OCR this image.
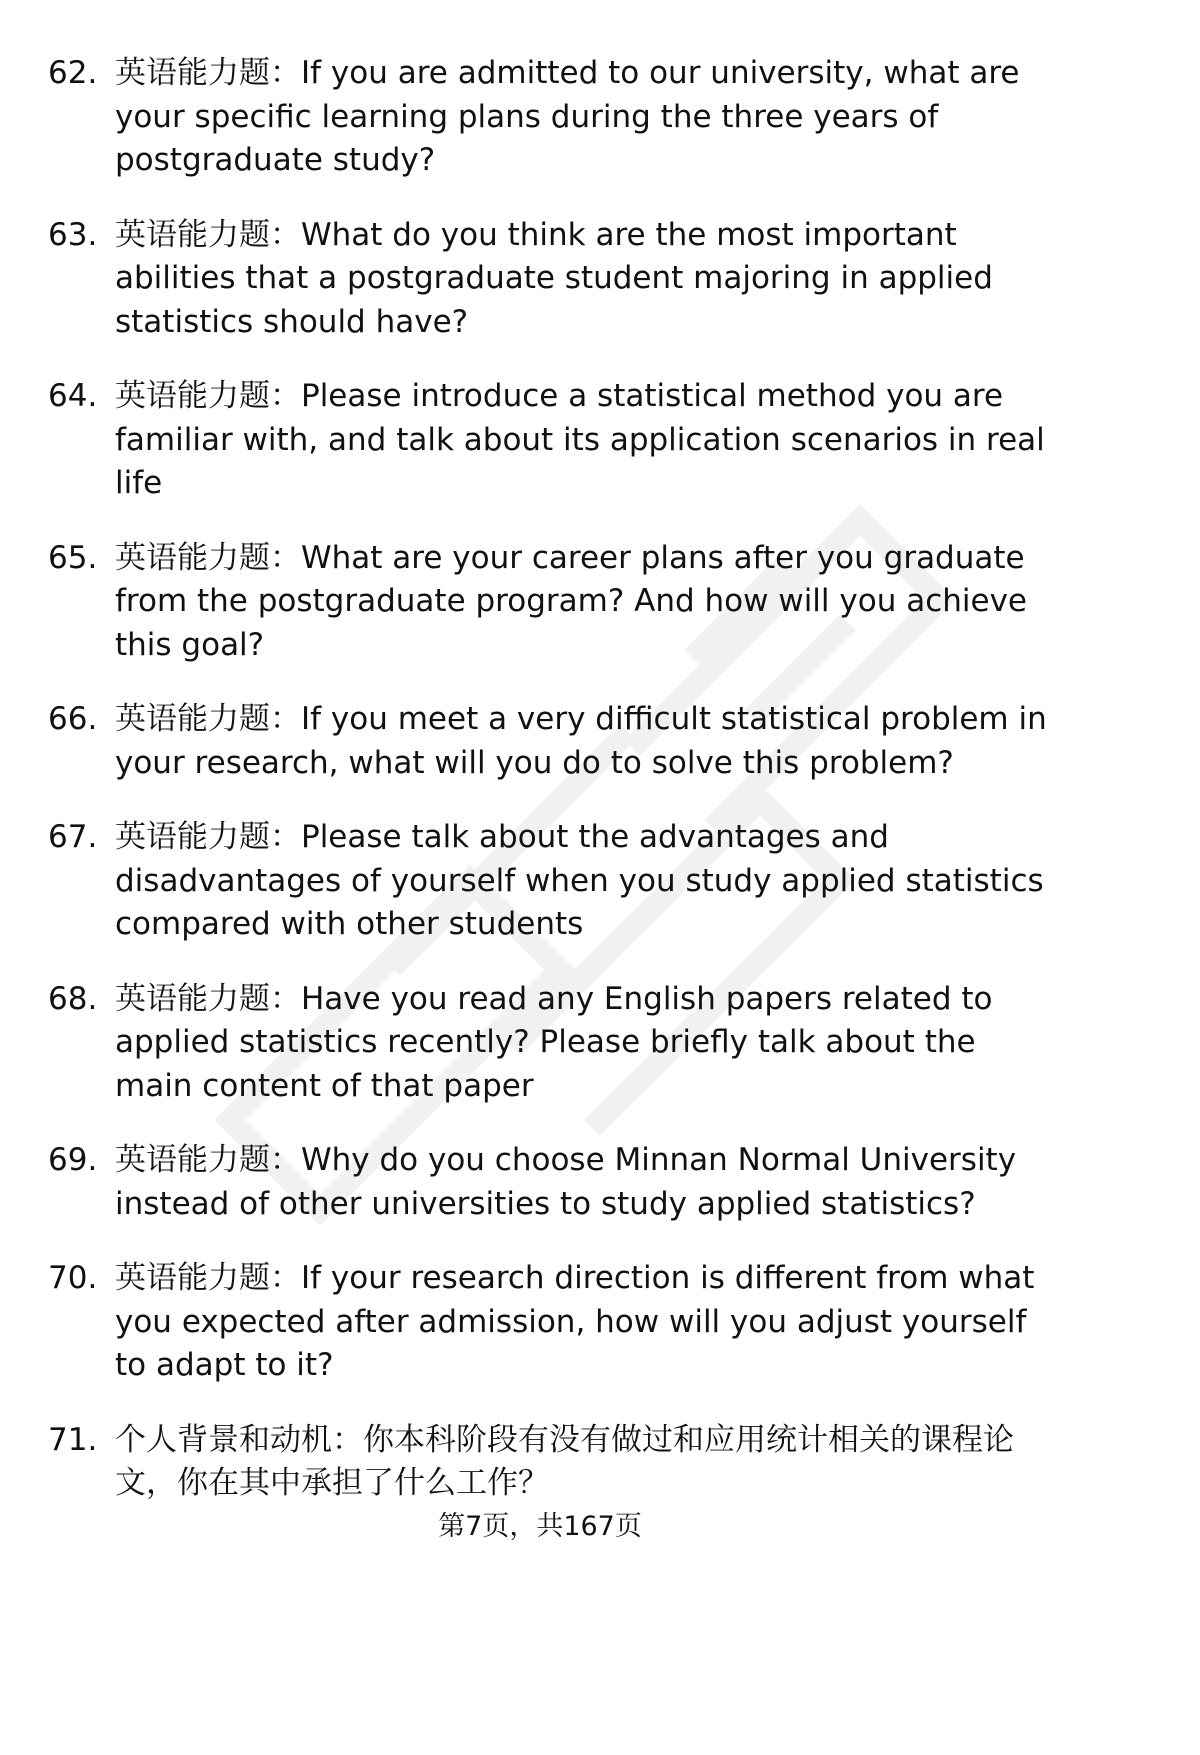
62. 英语能力题：If you are admitted to our university, what are your specific learning plans during the three years of postgraduate study?
63. 英语能力题：What do you think are the most important abilities that a postgraduate student majoring in applied statistics should have?
64. 英语能力题：Please introduce a statistical method you are familiar with, and talk about its application scenarios in real life
65. 英语能力题：What are your career plans after you graduate from the postgraduate program? And how will you achieve this goal?
66. 英语能力题：If you meet a very difficult statistical problem in your research, what will you do to solve this problem?
67. 英语能力题：Please talk about the advantages and disadvantages of yourself when you study applied statistics compared with other students
68. 英语能力题：Have you read any English papers related to applied statistics recently? Please briefly talk about the main content of that paper
69. 英语能力题：Why do you choose Minnan Normal University instead of other universities to study applied statistics?
70. 英语能力题：If your research direction is different from what you expected after admission, how will you adjust yourself to adapt to it?
71. 个人背景和动机：你本科阶段有没有做过和应用统计相关的课程论文，你在其中承担了什么工作？
第7页，共167页
